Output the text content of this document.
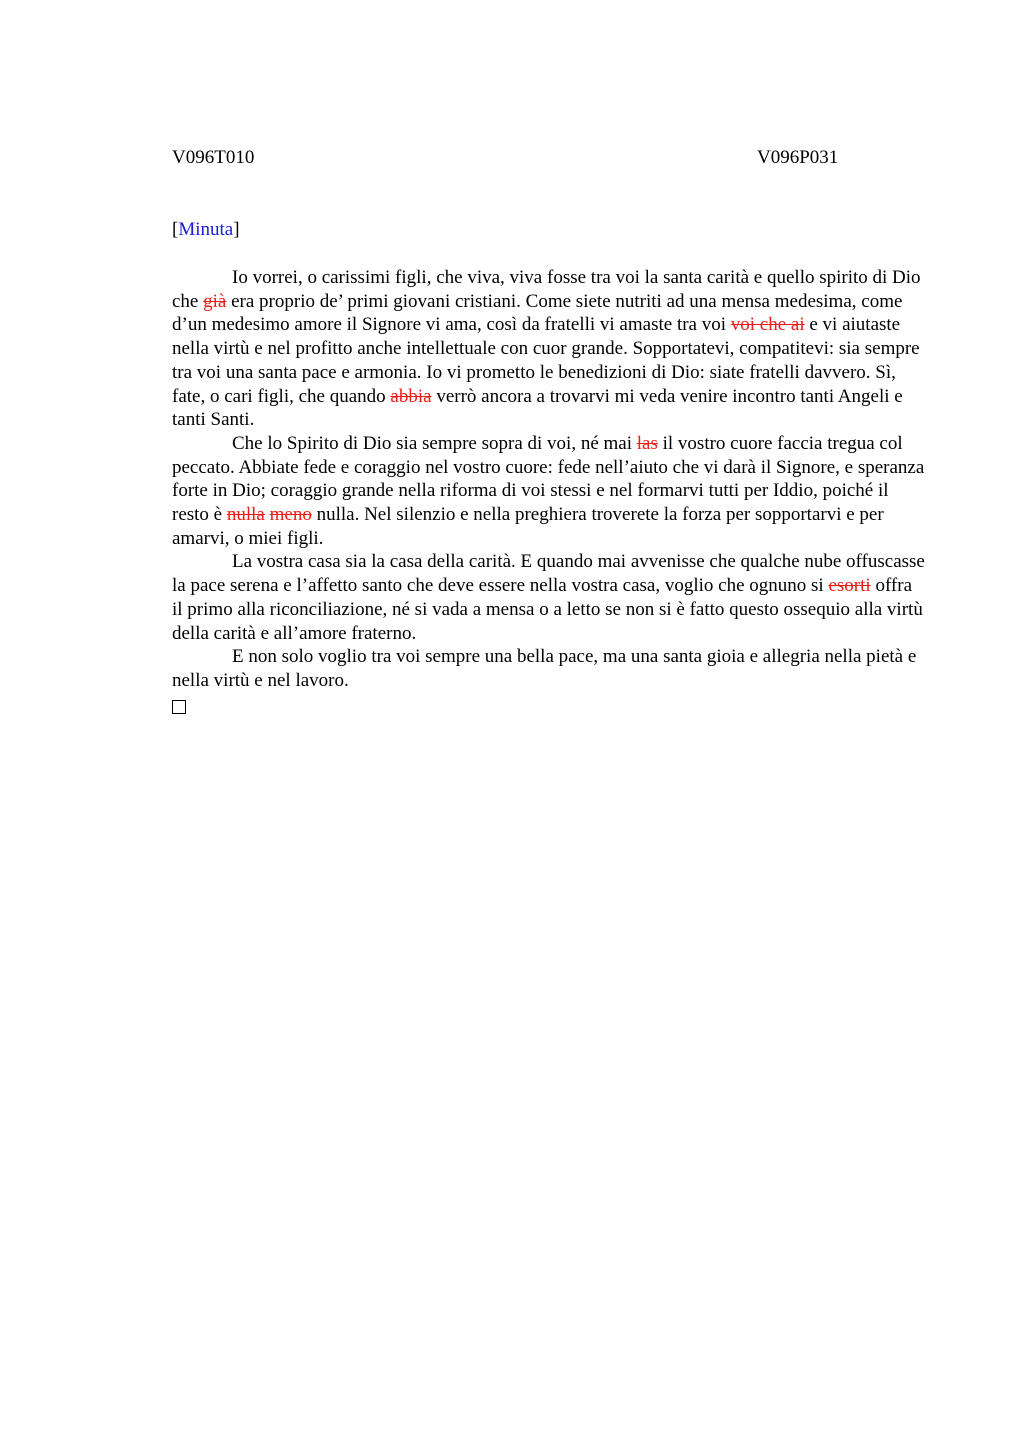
V096T010	V096P031
[Minuta]

Io vorrei, o carissimi figli, che viva, viva fosse tra voi la santa carità e quello spirito di Dio che già era proprio de’ primi giovani cristiani. Come siete nutriti ad una mensa medesima, come d’un medesimo amore il Signore vi ama, così da fratelli vi amaste tra voi voi che ai e vi aiutaste nella virtù e nel profitto anche intellettuale con cuor grande. Sopportatevi, compatitevi: sia sempre tra voi una santa pace e armonia. Io vi prometto le benedizioni di Dio: siate fratelli davvero. Sì, fate, o cari figli, che quando abbia verrò ancora a trovarvi mi veda venire incontro tanti Angeli e tanti Santi.

Che lo Spirito di Dio sia sempre sopra di voi, né mai las il vostro cuore faccia tregua col peccato. Abbiate fede e coraggio nel vostro cuore: fede nell’aiuto che vi darà il Signore, e speranza forte in Dio; coraggio grande nella riforma di voi stessi e nel formarvi tutti per Iddio, poiché il resto è nulla meno nulla. Nel silenzio e nella preghiera troverete la forza per sopportarvi e per amarvi, o miei figli.

La vostra casa sia la casa della carità. E quando mai avvenisse che qualche nube offuscasse la pace serena e l’affetto santo che deve essere nella vostra casa, voglio che ognuno si esorti offra il primo alla riconciliazione, né si vada a mensa o a letto se non si è fatto questo ossequio alla virtù della carità e all’amore fraterno.

E non solo voglio tra voi sempre una bella pace, ma una santa gioia e allegria nella pietà e nella virtù e nel lavoro.
